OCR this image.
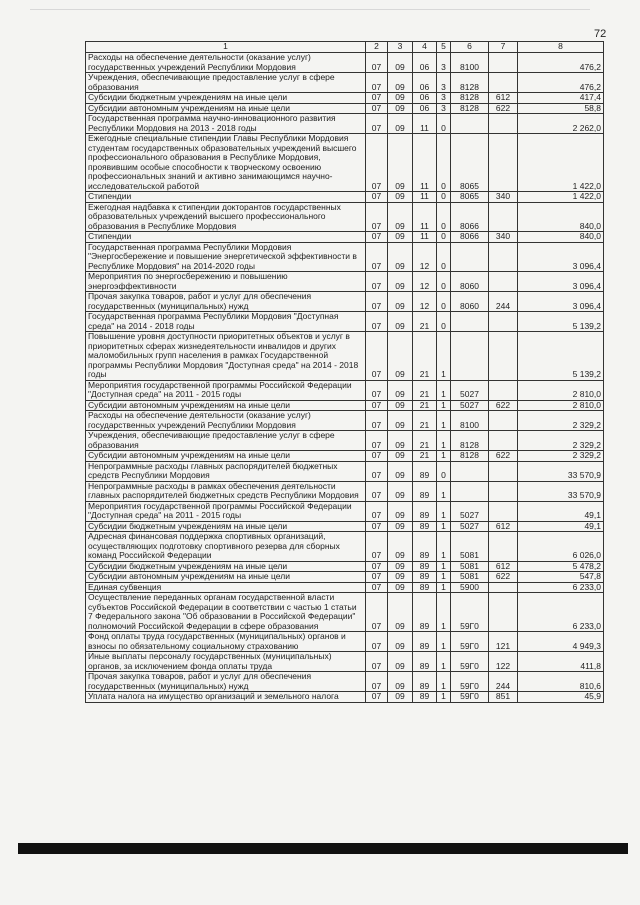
72
1	2	3	4	5	6	7	8
Расходы на обеспечение деятельности (оказание услуг) государственных учреждений Республики Мордовия	07	09	06	3	8100		476,2
Учреждения, обеспечивающие предоставление услуг в сфере образования	07	09	06	3	8128		476,2
Субсидии бюджетным учреждениям на иные цели	07	09	06	3	8128	612	417,4
Субсидии автономным учреждениям на иные цели	07	09	06	3	8128	622	58,8
Государственная программа научно-инновационного развития Республики Мордовия на 2013 - 2018 годы	07	09	11	0			2 262,0
Ежегодные специальные стипендии Главы Республики Мордовия студентам государственных образовательных учреждений высшего профессионального образования в Республике Мордовия, проявившим особые способности к творческому освоению профессиональных знаний и активно занимающимся научно-исследовательской работой	07	09	11	0	8065		1 422,0
Стипендии	07	09	11	0	8065	340	1 422,0
Ежегодная надбавка к стипендии докторантов государственных образовательных учреждений высшего профессионального образования в Республике Мордовия	07	09	11	0	8066		840,0
Стипендии	07	09	11	0	8066	340	840,0
Государственная программа Республики Мордовия "Энергосбережение и повышение энергетической эффективности в Республике Мордовия" на 2014-2020 годы	07	09	12	0			3 096,4
Мероприятия по энергосбережению и повышению энергоэффективности	07	09	12	0	8060		3 096,4
Прочая закупка товаров, работ и услуг для обеспечения государственных (муниципальных) нужд	07	09	12	0	8060	244	3 096,4
Государственная программа Республики Мордовия "Доступная среда" на 2014 - 2018 годы	07	09	21	0			5 139,2
Повышение уровня доступности приоритетных объектов и услуг в приоритетных сферах жизнедеятельности инвалидов и других маломобильных групп населения в рамках Государственной программы Республики Мордовия "Доступная среда" на 2014 - 2018 годы	07	09	21	1			5 139,2
Мероприятия государственной программы Российской Федерации "Доступная среда" на 2011 - 2015 годы	07	09	21	1	5027		2 810,0
Субсидии автономным учреждениям на иные цели	07	09	21	1	5027	622	2 810,0
Расходы на обеспечение деятельности (оказание услуг) государственных учреждений Республики Мордовия	07	09	21	1	8100		2 329,2
Учреждения, обеспечивающие предоставление услуг в сфере образования	07	09	21	1	8128		2 329,2
Субсидии автономным учреждениям на иные цели	07	09	21	1	8128	622	2 329,2
Непрограммные расходы главных распорядителей бюджетных средств Республики Мордовия	07	09	89	0			33 570,9
Непрограммные расходы в рамках обеспечения деятельности главных распорядителей бюджетных средств Республики Мордовия	07	09	89	1			33 570,9
Мероприятия государственной программы Российской Федерации "Доступная среда" на 2011 - 2015 годы	07	09	89	1	5027		49,1
Субсидии бюджетным учреждениям на иные цели	07	09	89	1	5027	612	49,1
Адресная финансовая поддержка спортивных организаций, осуществляющих подготовку спортивного резерва для сборных команд Российской Федерации	07	09	89	1	5081		6 026,0
Субсидии бюджетным учреждениям на иные цели	07	09	89	1	5081	612	5 478,2
Субсидии автономным учреждениям на иные цели	07	09	89	1	5081	622	547,8
Единая субвенция	07	09	89	1	5900		6 233,0
Осуществление переданных органам государственной власти субъектов Российской Федерации в соответствии с частью 1 статьи 7 Федерального закона "Об образовании в Российской Федерации" полномочий Российской Федерации в сфере образования	07	09	89	1	59Г0		6 233,0
Фонд оплаты труда государственных (муниципальных) органов и взносы по обязательному социальному страхованию	07	09	89	1	59Г0	121	4 949,3
Иные выплаты персоналу государственных (муниципальных) органов, за исключением фонда оплаты труда	07	09	89	1	59Г0	122	411,8
Прочая закупка товаров, работ и услуг для обеспечения государственных (муниципальных) нужд	07	09	89	1	59Г0	244	810,6
Уплата налога на имущество организаций и земельного налога	07	09	89	1	59Г0	851	45,9
